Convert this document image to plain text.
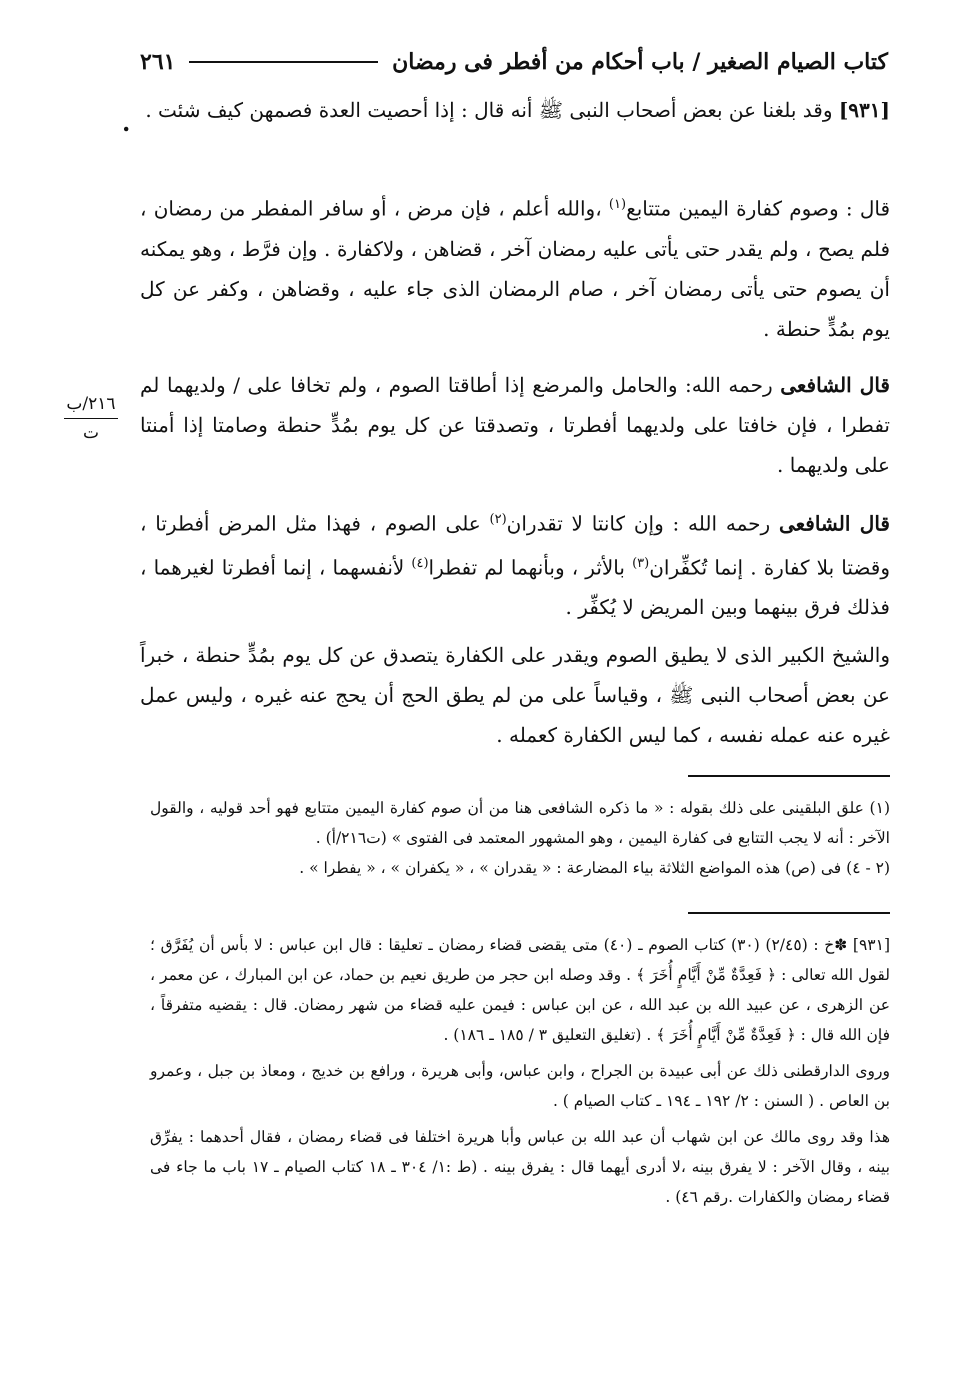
كتاب الصيام الصغير / باب أحكام من أفطر فى رمضان
٢٦١

[٩٣١] وقد بلغنا عن بعض أصحاب النبى ﷺ أنه قال : إذا أحصيت العدة فصمهن كيف شئت .

.

قال : وصوم كفارة اليمين متتابع$^{(١)}$ ،والله أعلم ، فإن مرض ، أو سافر المفطر من رمضان ، فلم يصح ، ولم يقدر حتى يأتى عليه رمضان آخر ، قضاهن ، ولاكفارة . وإن فرَّط ، وهو يمكنه أن يصوم حتى يأتى رمضان آخر ، صام الرمضان الذى جاء عليه ، وقضاهن ، وكفر عن كل يوم بمُدٍّ حنطة .

قال الشافعى رحمه الله: والحامل والمرضع إذا أطاقتا الصوم ، ولم تخافا على / ولديهما لم تفطرا ، فإن خافتا على ولديهما أفطرتا ، وتصدقتا عن كل يوم بمُدٍّ حنطة وصامتا إذا أمنتا على ولديهما .

٢١٦/ب
ت

قال الشافعى رحمه الله : وإن كانتا لا تقدران$^{(٢)}$ على الصوم ، فهذا مثل المرض أفطرتا ، وقضتا بلا كفارة . إنما تُكفِّران$^{(٣)}$ بالأثر ، وبأنهما لم تفطرا$^{(٤)}$ لأنفسهما ، إنما أفطرتا لغيرهما ، فذلك فرق بينهما وبين المريض لا يُكفِّر .

والشيخ الكبير الذى لا يطيق الصوم ويقدر على الكفارة يتصدق عن كل يوم بمُدٍّ حنطة ، خبراً عن بعض أصحاب النبى ﷺ ، وقياساً على من لم يطق الحج أن يحج عنه غيره ، وليس عمل غيره عنه عمله نفسه ، كما ليس الكفارة كعمله .

(١) علق البلقينى على ذلك بقوله : « ما ذكره الشافعى هنا من أن صوم كفارة اليمين متتابع فهو أحد قوليه ، والقول الآخر : أنه لا يجب التتابع فى كفارة اليمين ، وهو المشهور المعتمد فى الفتوى » (ت٢١٦/أ) .

(٢ - ٤) فى (ص) هذه المواضع الثلاثة بياء المضارعة : « يقدران » ، « يكفران » ، « يفطرا » .

[٩٣١] ✽خ : (٢/٤٥) (٣٠) كتاب الصوم ـ (٤٠) متى يقضى قضاء رمضان ـ تعليقا : قال ابن عباس : لا بأس أن يُفَرَّق ؛ لقول الله تعالى : ﴿ فَعِدَّةٌ مِّنْ أَيَّامٍ أُخَرَ ﴾ . وقد وصله ابن حجر من طريق نعيم بن حماد، عن ابن المبارك ، عن معمر ، عن الزهرى ، عن عبيد الله بن عبد الله ، عن ابن عباس : فيمن عليه قضاء من شهر رمضان. قال : يقضيه متفرقاً ، فإن الله قال : ﴿ فَعِدَّةٌ مِّنْ أَيَّامٍ أُخَرَ ﴾ . (تغليق التعليق ٣ / ١٨٥ ـ ١٨٦) .

وروى الدارقطنى ذلك عن أبى عبيدة بن الجراح ، وابن عباس، وأبى هريرة ، ورافع بن خديج ، ومعاذ بن جبل ، وعمرو بن العاص . ( السنن : ٢/ ١٩٢ ـ ١٩٤ ـ كتاب الصيام ) .

هذا وقد روى مالك عن ابن شهاب أن عبد الله بن عباس وأبا هريرة اختلفا فى قضاء رمضان ، فقال أحدهما : يفرِّق بينه ، وقال الآخر : لا يفرق بينه ،لا أدرى أيهما قال : يفرق بينه . (ط :١/ ٣٠٤ ـ ١٨ كتاب الصيام ـ ١٧ باب ما جاء فى قضاء رمضان والكفارات .رقم ٤٦) .
